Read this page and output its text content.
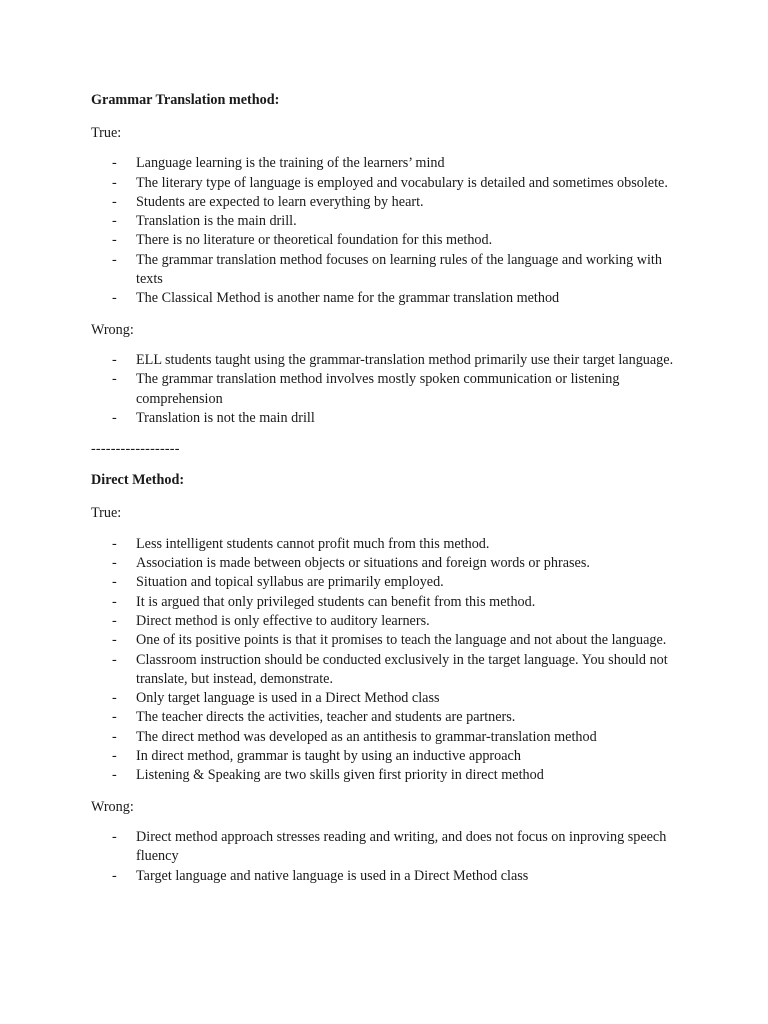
Grammar Translation method:

True:

- Language learning is the training of the learners’ mind
- The literary type of language is employed and vocabulary is detailed and sometimes obsolete.
- Students are expected to learn everything by heart.
- Translation is the main drill.
- There is no literature or theoretical foundation for this method.
- The grammar translation method focuses on learning rules of the language and working with texts
- The Classical Method is another name for the grammar translation method

Wrong:

- ELL students taught using the grammar-translation method primarily use their target language.
- The grammar translation method involves mostly spoken communication or listening comprehension
- Translation is not the main drill

------------------

Direct Method:

True:

- Less intelligent students cannot profit much from this method.
- Association is made between objects or situations and foreign words or phrases.
- Situation and topical syllabus are primarily employed.
- It is argued that only privileged students can benefit from this method.
- Direct method is only effective to auditory learners.
- One of its positive points is that it promises to teach the language and not about the language.
- Classroom instruction should be conducted exclusively in the target language. You should not translate, but instead, demonstrate.
- Only target language is used in a Direct Method class
- The teacher directs the activities, teacher and students are partners.
- The direct method was developed as an antithesis to grammar-translation method
- In direct method, grammar is taught by using an inductive approach
- Listening & Speaking are two skills given first priority in direct method

Wrong:

- Direct method approach stresses reading and writing, and does not focus on inproving speech fluency
- Target language and native language is used in a Direct Method class
